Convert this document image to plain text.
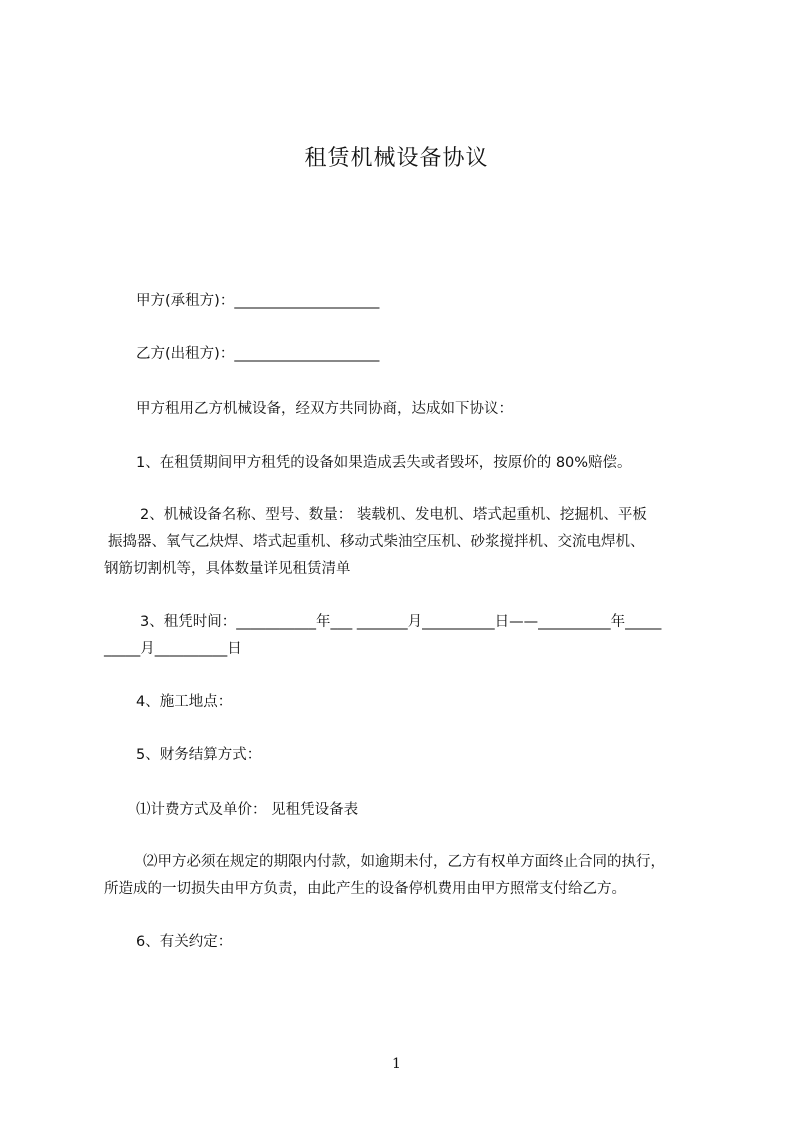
租赁机械设备协议
甲方(承租方)：____________________
乙方(出租方)：____________________
甲方租用乙方机械设备，经双方共同协商，达成如下协议：
1、在租赁期间甲方租凭的设备如果造成丢失或者毁坏，按原价的 80%赔偿。
2、机械设备名称、型号、数量： 装载机、发电机、塔式起重机、挖掘机、平板
振捣器、氧气乙炔焊、塔式起重机、移动式柴油空压机、砂浆搅拌机、交流电焊机、
钢筋切割机等，具体数量详见租赁清单
3、租凭时间：___________年___ _______月__________日——__________年_____
_____月__________日
4、施工地点：
5、财务结算方式：
⑴计费方式及单价： 见租凭设备表
⑵甲方必须在规定的期限内付款，如逾期未付，乙方有权单方面终止合同的执行，
所造成的一切损失由甲方负责，由此产生的设备停机费用由甲方照常支付给乙方。
6、有关约定：
1
